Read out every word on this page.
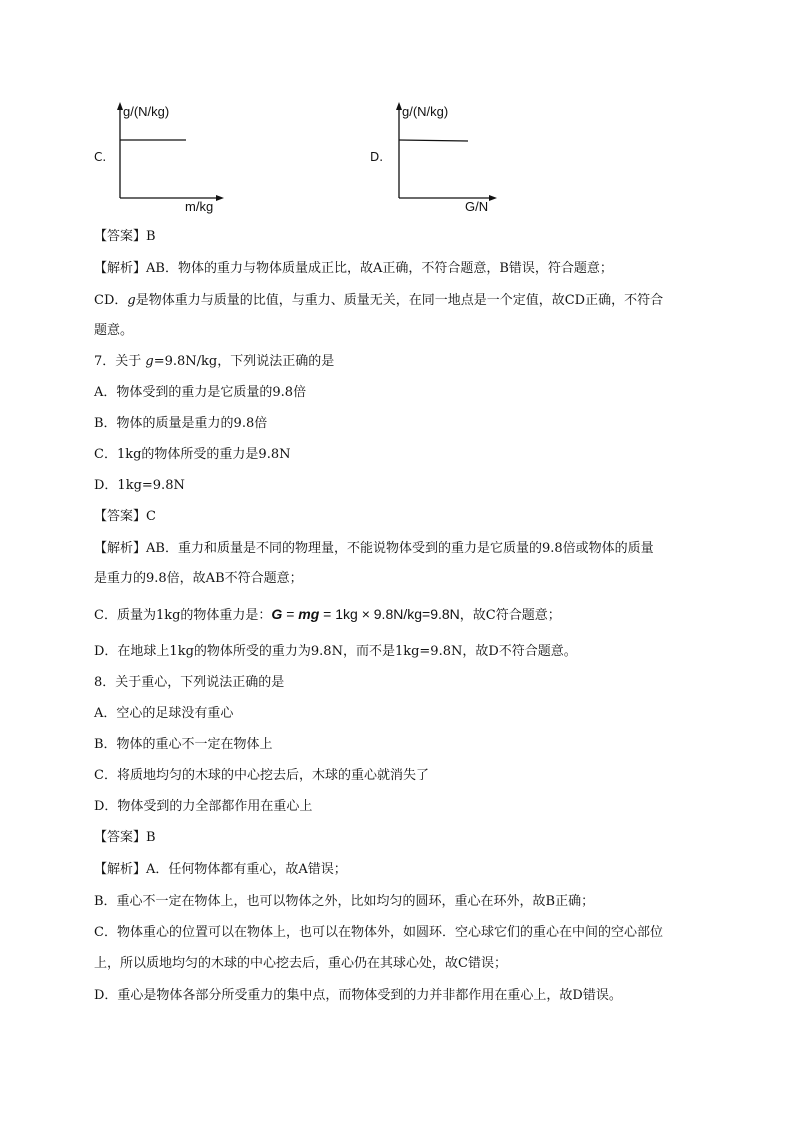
C.
g/(N/kg)
m/kg
D.
g/(N/kg)
G/N
【答案】B
【解析】AB．物体的重力与物体质量成正比，故A正确，不符合题意，B错误，符合题意；
CD．g是物体重力与质量的比值，与重力、质量无关，在同一地点是一个定值，故CD正确，不符合
题意。
7．关于 g=9.8N/kg，下列说法正确的是
A．物体受到的重力是它质量的9.8倍
B．物体的质量是重力的9.8倍
C．1kg的物体所受的重力是9.8N
D．1kg=9.8N
【答案】C
【解析】AB．重力和质量是不同的物理量，不能说物体受到的重力是它质量的9.8倍或物体的质量
是重力的9.8倍，故AB不符合题意；
C．质量为1kg的物体重力是：G = mg = 1kg × 9.8N/kg=9.8N，故C符合题意；
D．在地球上1kg的物体所受的重力为9.8N，而不是1kg=9.8N，故D不符合题意。
8．关于重心，下列说法正确的是
A．空心的足球没有重心
B．物体的重心不一定在物体上
C．将质地均匀的木球的中心挖去后，木球的重心就消失了
D．物体受到的力全部都作用在重心上
【答案】B
【解析】A．任何物体都有重心，故A错误；
B．重心不一定在物体上，也可以物体之外，比如均匀的圆环，重心在环外，故B正确；
C．物体重心的位置可以在物体上，也可以在物体外，如圆环．空心球它们的重心在中间的空心部位
上，所以质地均匀的木球的中心挖去后，重心仍在其球心处，故C错误；
D．重心是物体各部分所受重力的集中点，而物体受到的力并非都作用在重心上，故D错误。
